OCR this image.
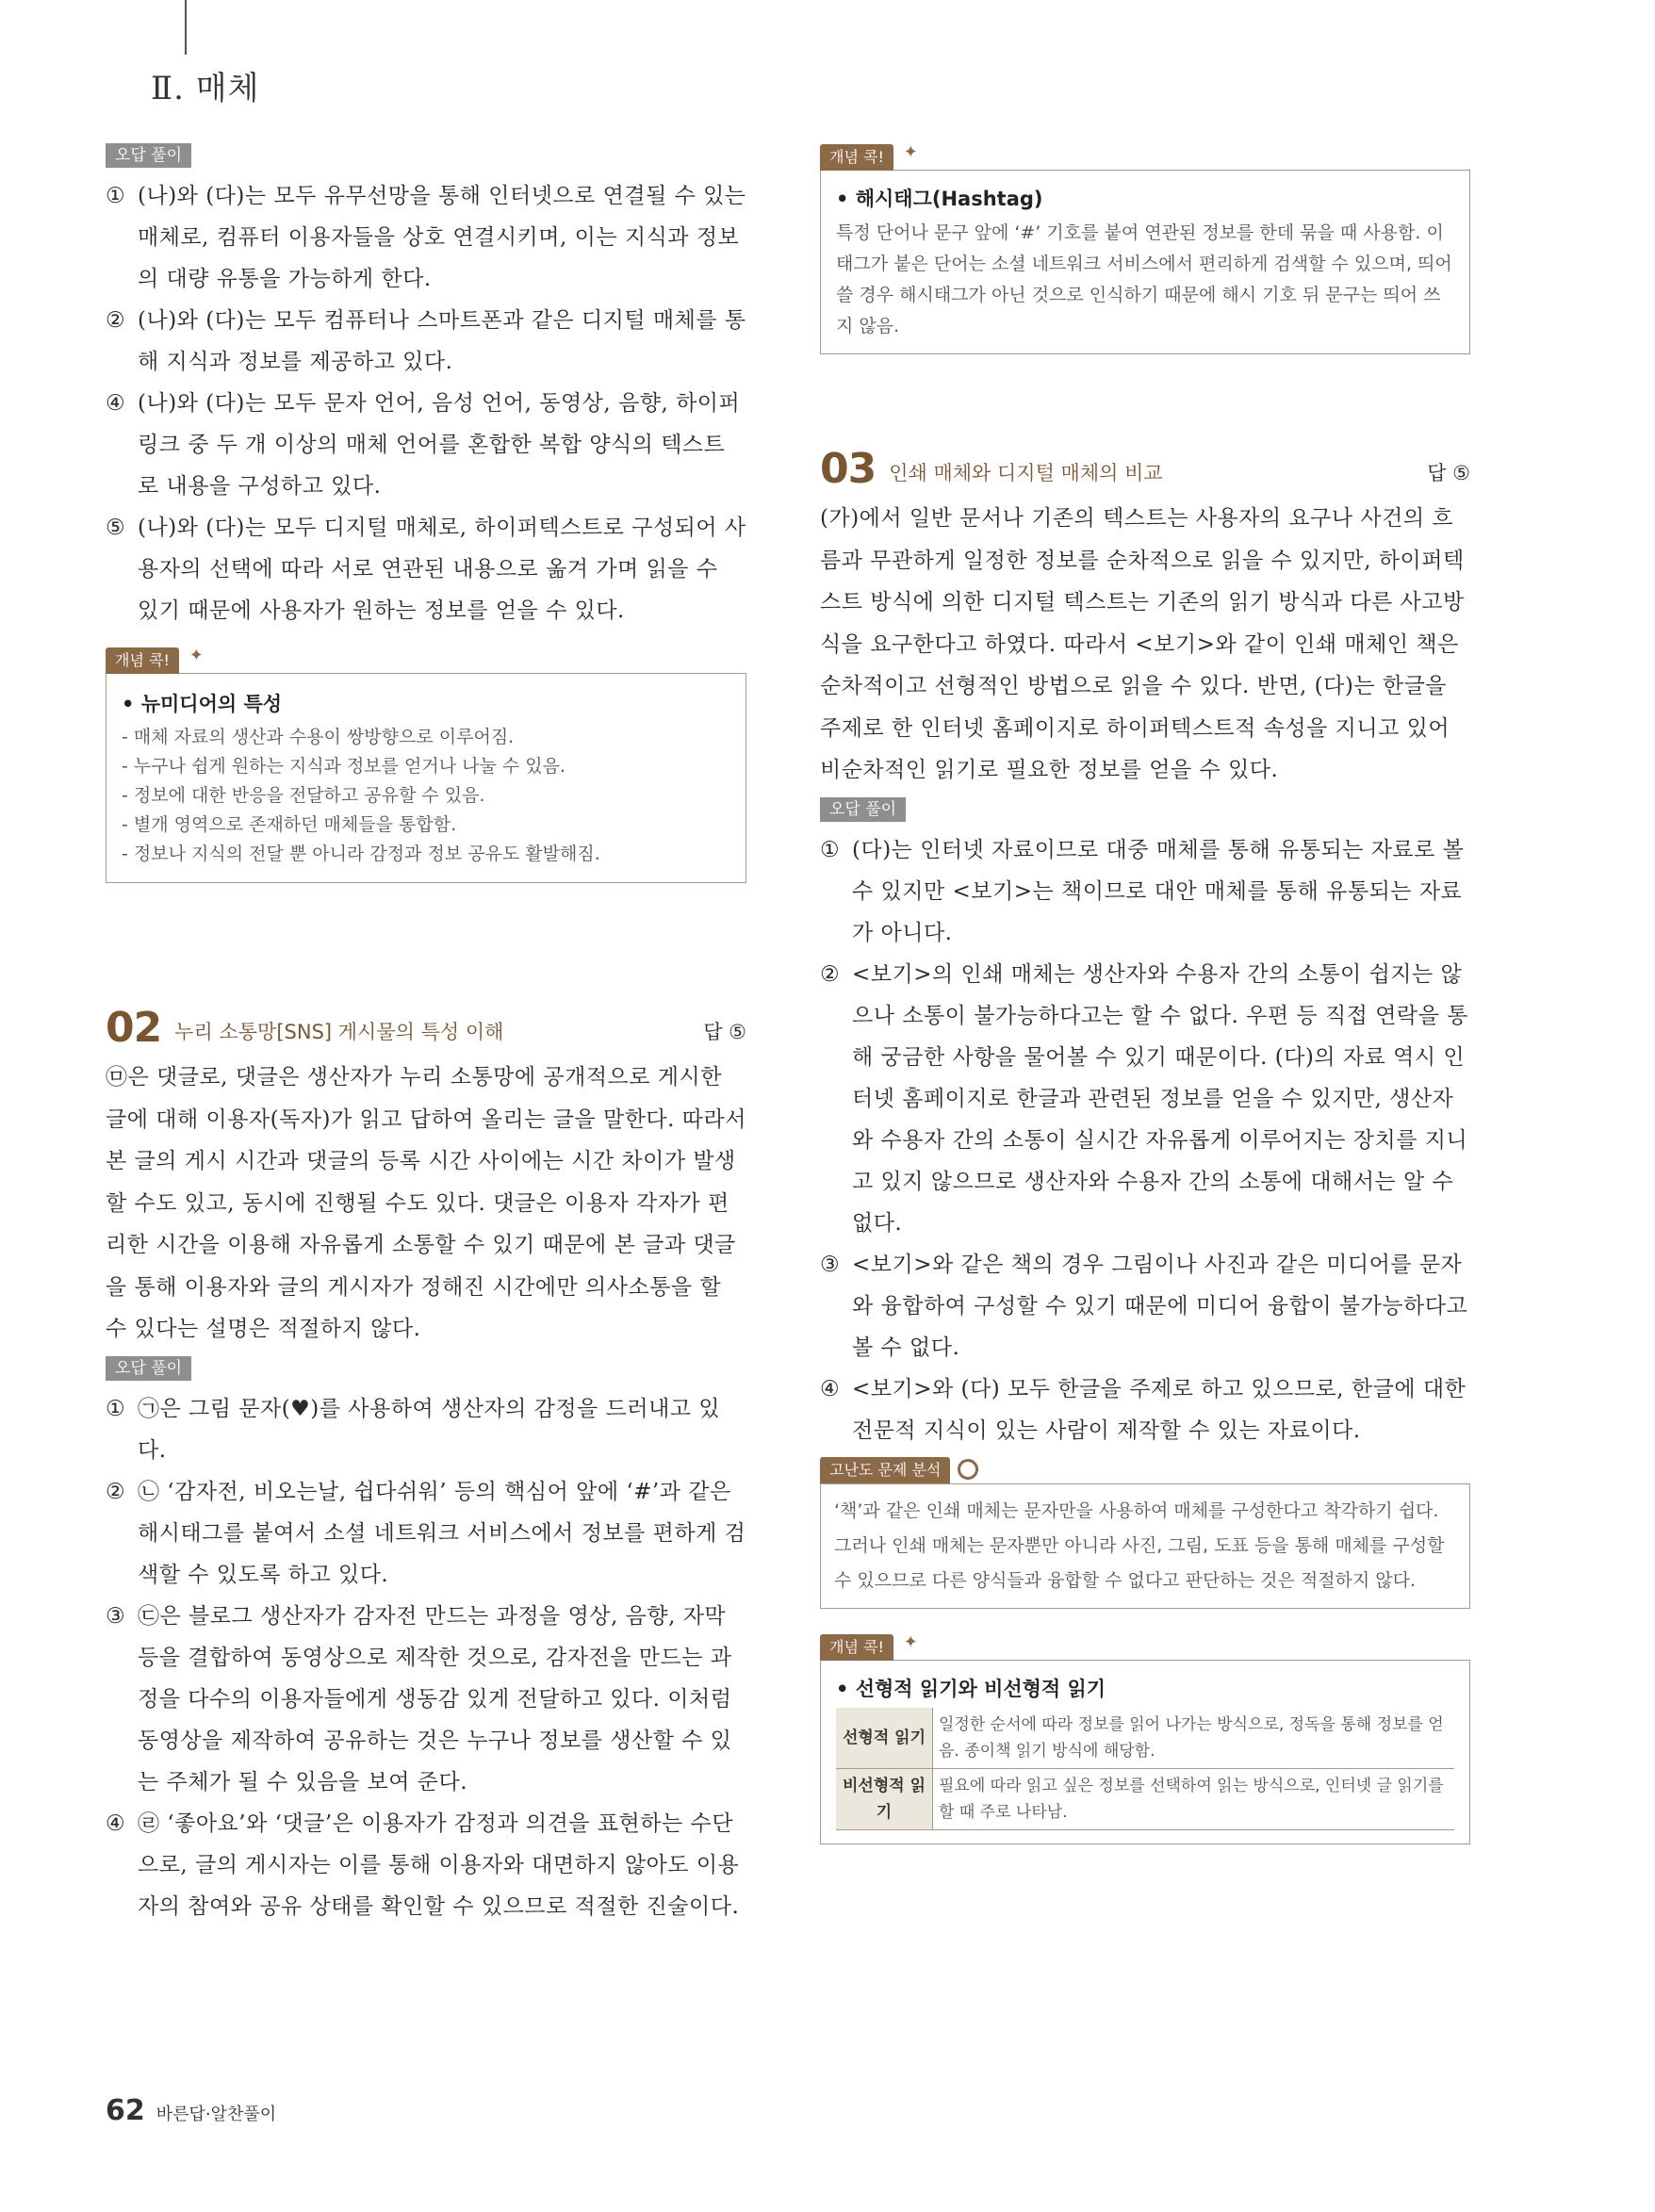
Ⅱ. 매체
오답 풀이
① (나)와 (다)는 모두 유무선망을 통해 인터넷으로 연결될 수 있는 매체로, 컴퓨터 이용자들을 상호 연결시키며, 이는 지식과 정보의 대량 유통을 가능하게 한다.
② (나)와 (다)는 모두 컴퓨터나 스마트폰과 같은 디지털 매체를 통해 지식과 정보를 제공하고 있다.
④ (나)와 (다)는 모두 문자 언어, 음성 언어, 동영상, 음향, 하이퍼링크 중 두 개 이상의 매체 언어를 혼합한 복합 양식의 텍스트로 내용을 구성하고 있다.
⑤ (나)와 (다)는 모두 디지털 매체로, 하이퍼텍스트로 구성되어 사용자의 선택에 따라 서로 연관된 내용으로 옮겨 가며 읽을 수 있기 때문에 사용자가 원하는 정보를 얻을 수 있다.
개념 콕! ✦
• 뉴미디어의 특성
- 매체 자료의 생산과 수용이 쌍방향으로 이루어짐.
- 누구나 쉽게 원하는 지식과 정보를 얻거나 나눌 수 있음.
- 정보에 대한 반응을 전달하고 공유할 수 있음.
- 별개 영역으로 존재하던 매체들을 통합함.
- 정보나 지식의 전달 뿐 아니라 감정과 정보 공유도 활발해짐.
02 누리 소통망[SNS] 게시물의 특성 이해	답 ⑤
㉤은 댓글로, 댓글은 생산자가 누리 소통망에 공개적으로 게시한 글에 대해 이용자(독자)가 읽고 답하여 올리는 글을 말한다. 따라서 본 글의 게시 시간과 댓글의 등록 시간 사이에는 시간 차이가 발생할 수도 있고, 동시에 진행될 수도 있다. 댓글은 이용자 각자가 편리한 시간을 이용해 자유롭게 소통할 수 있기 때문에 본 글과 댓글을 통해 이용자와 글의 게시자가 정해진 시간에만 의사소통을 할 수 있다는 설명은 적절하지 않다.
오답 풀이
① ㉠은 그림 문자(♥)를 사용하여 생산자의 감정을 드러내고 있다.
② ㉡ ‘감자전, 비오는날, 쉽다쉬워’ 등의 핵심어 앞에 ‘#’과 같은 해시태그를 붙여서 소셜 네트워크 서비스에서 정보를 편하게 검색할 수 있도록 하고 있다.
③ ㉢은 블로그 생산자가 감자전 만드는 과정을 영상, 음향, 자막 등을 결합하여 동영상으로 제작한 것으로, 감자전을 만드는 과정을 다수의 이용자들에게 생동감 있게 전달하고 있다. 이처럼 동영상을 제작하여 공유하는 것은 누구나 정보를 생산할 수 있는 주체가 될 수 있음을 보여 준다.
④ ㉣ ‘좋아요’와 ‘댓글’은 이용자가 감정과 의견을 표현하는 수단으로, 글의 게시자는 이를 통해 이용자와 대면하지 않아도 이용자의 참여와 공유 상태를 확인할 수 있으므로 적절한 진술이다.
개념 콕! ✦
• 해시태그(Hashtag)
특정 단어나 문구 앞에 ‘#’ 기호를 붙여 연관된 정보를 한데 묶을 때 사용함. 이 태그가 붙은 단어는 소셜 네트워크 서비스에서 편리하게 검색할 수 있으며, 띄어 쓸 경우 해시태그가 아닌 것으로 인식하기 때문에 해시 기호 뒤 문구는 띄어 쓰지 않음.
03 인쇄 매체와 디지털 매체의 비교	답 ⑤
(가)에서 일반 문서나 기존의 텍스트는 사용자의 요구나 사건의 흐름과 무관하게 일정한 정보를 순차적으로 읽을 수 있지만, 하이퍼텍스트 방식에 의한 디지털 텍스트는 기존의 읽기 방식과 다른 사고방식을 요구한다고 하였다. 따라서 <보기>와 같이 인쇄 매체인 책은 순차적이고 선형적인 방법으로 읽을 수 있다. 반면, (다)는 한글을 주제로 한 인터넷 홈페이지로 하이퍼텍스트적 속성을 지니고 있어 비순차적인 읽기로 필요한 정보를 얻을 수 있다.
오답 풀이
① (다)는 인터넷 자료이므로 대중 매체를 통해 유통되는 자료로 볼 수 있지만 <보기>는 책이므로 대안 매체를 통해 유통되는 자료가 아니다.
② <보기>의 인쇄 매체는 생산자와 수용자 간의 소통이 쉽지는 않으나 소통이 불가능하다고는 할 수 없다. 우편 등 직접 연락을 통해 궁금한 사항을 물어볼 수 있기 때문이다. (다)의 자료 역시 인터넷 홈페이지로 한글과 관련된 정보를 얻을 수 있지만, 생산자와 수용자 간의 소통이 실시간 자유롭게 이루어지는 장치를 지니고 있지 않으므로 생산자와 수용자 간의 소통에 대해서는 알 수 없다.
③ <보기>와 같은 책의 경우 그림이나 사진과 같은 미디어를 문자와 융합하여 구성할 수 있기 때문에 미디어 융합이 불가능하다고 볼 수 없다.
④ <보기>와 (다) 모두 한글을 주제로 하고 있으므로, 한글에 대한 전문적 지식이 있는 사람이 제작할 수 있는 자료이다.
고난도 문제 분석
‘책’과 같은 인쇄 매체는 문자만을 사용하여 매체를 구성한다고 착각하기 쉽다. 그러나 인쇄 매체는 문자뿐만 아니라 사진, 그림, 도표 등을 통해 매체를 구성할 수 있으므로 다른 양식들과 융합할 수 없다고 판단하는 것은 적절하지 않다.
개념 콕! ✦
• 선형적 읽기와 비선형적 읽기
선형적 읽기	일정한 순서에 따라 정보를 읽어 나가는 방식으로, 정독을 통해 정보를 얻음. 종이책 읽기 방식에 해당함.
비선형적 읽기	필요에 따라 읽고 싶은 정보를 선택하여 읽는 방식으로, 인터넷 글 읽기를 할 때 주로 나타남.
62 바른답·알찬풀이
